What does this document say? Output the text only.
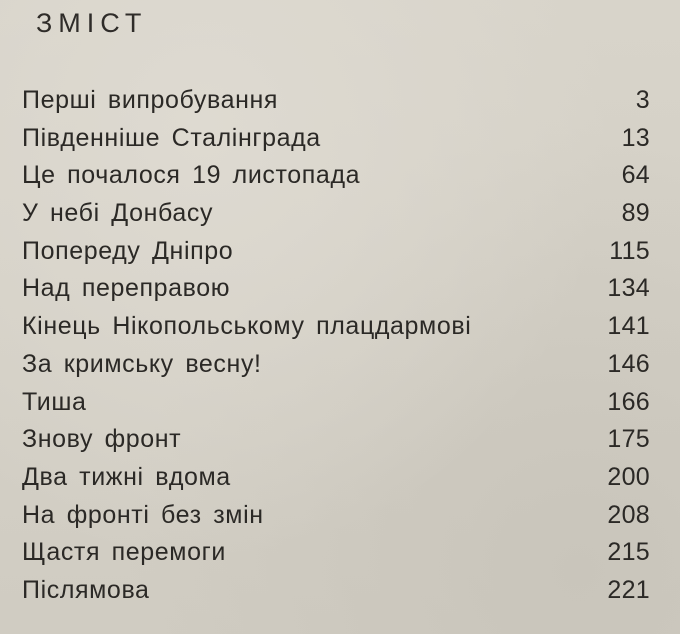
ЗМІСТ
Перші випробування	3
Південніше Сталінграда	13
Це почалося 19 листопада	64
У небі Донбасу	89
Попереду Дніпро	115
Над переправою	134
Кінець Нікопольському плацдармові	141
За кримську весну!	146
Тиша	166
Знову фронт	175
Два тижні вдома	200
На фронті без змін	208
Щастя перемоги	215
Післямова	221
